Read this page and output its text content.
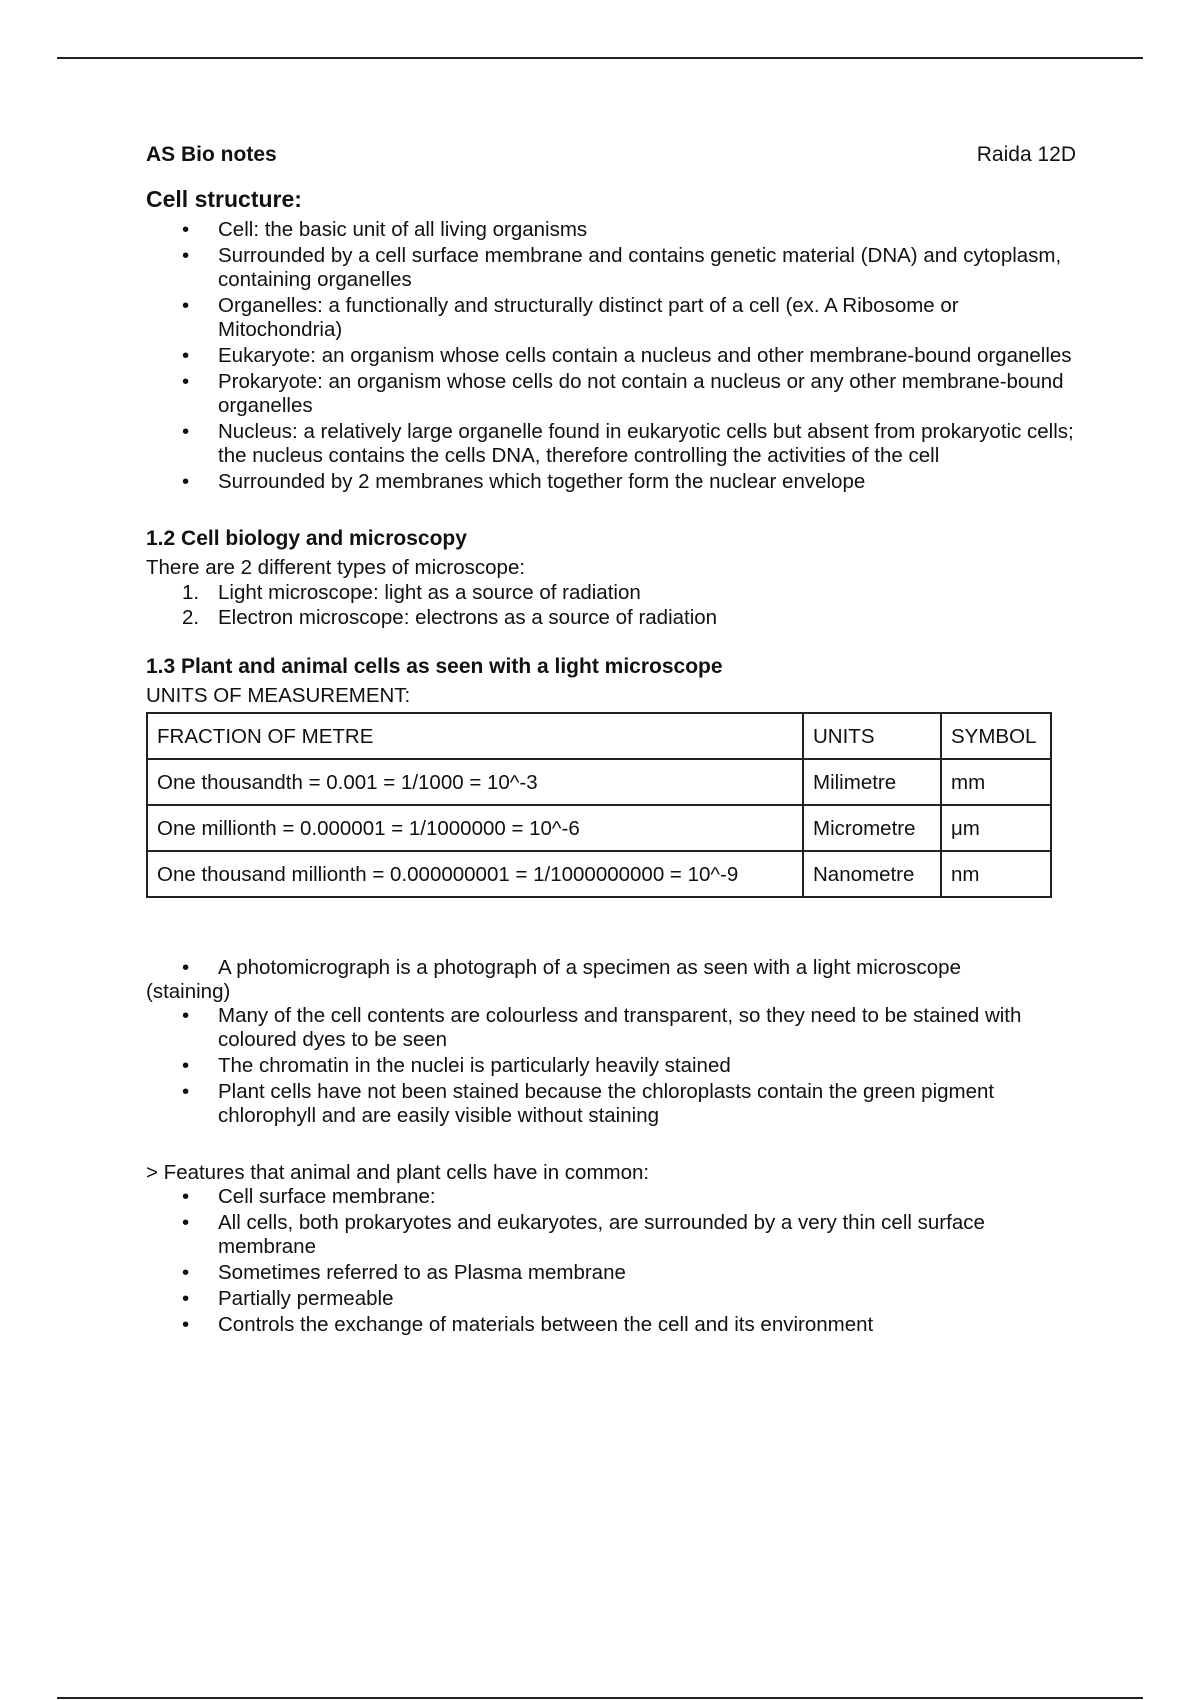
AS Bio notes	Raida 12D
Cell structure:
• Cell: the basic unit of all living organisms
• Surrounded by a cell surface membrane and contains genetic material (DNA) and cytoplasm, containing organelles
• Organelles: a functionally and structurally distinct part of a cell (ex. A Ribosome or Mitochondria)
• Eukaryote: an organism whose cells contain a nucleus and other membrane-bound organelles
• Prokaryote: an organism whose cells do not contain a nucleus or any other membrane-bound organelles
• Nucleus: a relatively large organelle found in eukaryotic cells but absent from prokaryotic cells; the nucleus contains the cells DNA, therefore controlling the activities of the cell
• Surrounded by 2 membranes which together form the nuclear envelope
1.2 Cell biology and microscopy

There are 2 different types of microscope:

1. Light microscope: light as a source of radiation
2. Electron microscope: electrons as a source of radiation
1.3 Plant and animal cells as seen with a light microscope

UNITS OF MEASUREMENT:

FRACTION OF METRE	UNITS	SYMBOL
One thousandth = 0.001 = 1/1000 = 10^-3	Milimetre	mm
One millionth = 0.000001 = 1/1000000 = 10^-6	Micrometre	μm
One thousand millionth = 0.000000001 = 1/1000000000 = 10^-9	Nanometre	nm
• A photomicrograph is a photograph of a specimen as seen with a light microscope

(staining)

• Many of the cell contents are colourless and transparent, so they need to be stained with coloured dyes to be seen
• The chromatin in the nuclei is particularly heavily stained
• Plant cells have not been stained because the chloroplasts contain the green pigment chlorophyll and are easily visible without staining

> Features that animal and plant cells have in common:

• Cell surface membrane:
• All cells, both prokaryotes and eukaryotes, are surrounded by a very thin cell surface membrane
• Sometimes referred to as Plasma membrane
• Partially permeable
• Controls the exchange of materials between the cell and its environment
